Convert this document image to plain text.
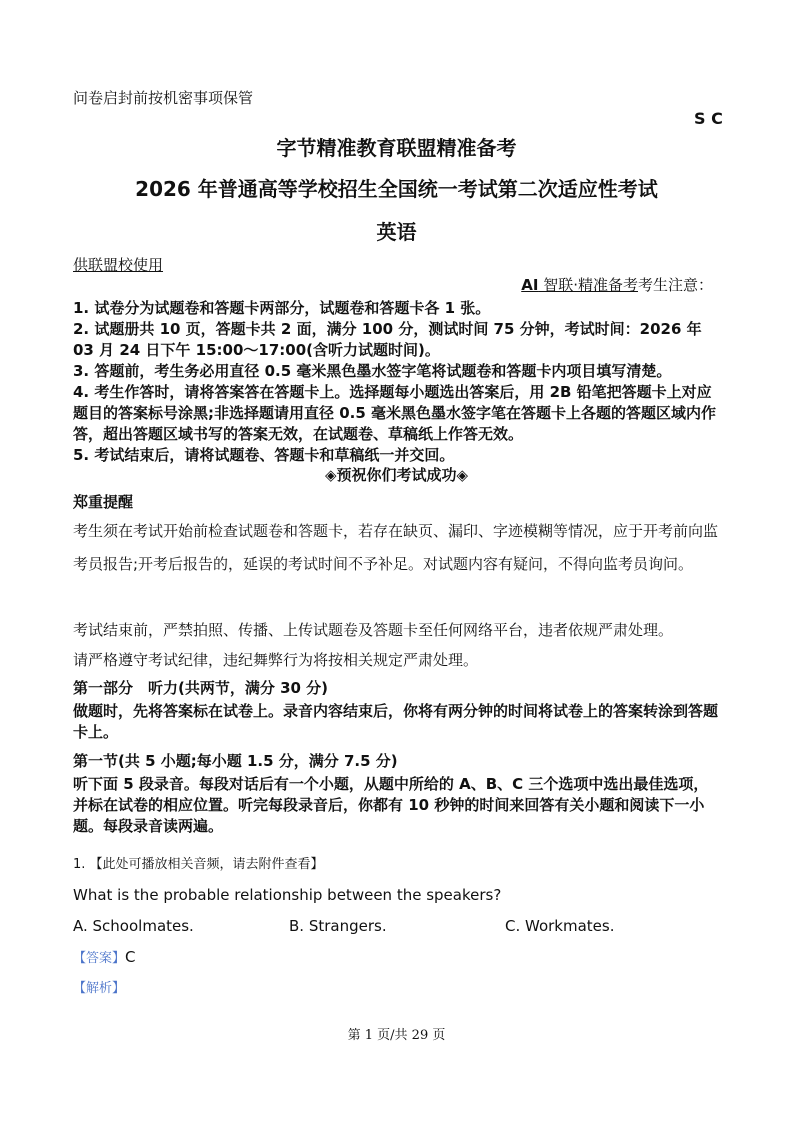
问卷启封前按机密事项保管
S C
字节精准教育联盟精准备考
2026 年普通高等学校招生全国统一考试第二次适应性考试
英语
供联盟校使用
AI 智联·精准备考考生注意：
1. 试卷分为试题卷和答题卡两部分，试题卷和答题卡各 1 张。
2. 试题册共 10 页，答题卡共 2 面，满分 100 分，测试时间 75 分钟，考试时间：2026 年 03 月 24 日下午 15:00～17:00(含听力试题时间)。
3. 答题前，考生务必用直径 0.5 毫米黑色墨水签字笔将试题卷和答题卡内项目填写清楚。
4. 考生作答时，请将答案答在答题卡上。选择题每小题选出答案后，用 2B 铅笔把答题卡上对应题目的答案标号涂黑;非选择题请用直径 0.5 毫米黑色墨水签字笔在答题卡上各题的答题区域内作答，超出答题区域书写的答案无效，在试题卷、草稿纸上作答无效。
5. 考试结束后，请将试题卷、答题卡和草稿纸一并交回。
◈预祝你们考试成功◈
郑重提醒
考生须在考试开始前检查试题卷和答题卡，若存在缺页、漏印、字迹模糊等情况，应于开考前向监考员报告;开考后报告的，延误的考试时间不予补足。对试题内容有疑问，不得向监考员询问。
考试结束前，严禁拍照、传播、上传试题卷及答题卡至任何网络平台，违者依规严肃处理。
请严格遵守考试纪律，违纪舞弊行为将按相关规定严肃处理。
第一部分　听力(共两节，满分 30 分)
做题时，先将答案标在试卷上。录音内容结束后，你将有两分钟的时间将试卷上的答案转涂到答题卡上。
第一节(共 5 小题;每小题 1.5 分，满分 7.5 分)
听下面 5 段录音。每段对话后有一个小题，从题中所给的 A、B、C 三个选项中选出最佳选项，并标在试卷的相应位置。听完每段录音后，你都有 10 秒钟的时间来回答有关小题和阅读下一小题。每段录音读两遍。
1. 【此处可播放相关音频，请去附件查看】
What is the probable relationship between the speakers?
A. Schoolmates.	B. Strangers.	C. Workmates.
【答案】C
【解析】
第 1 页/共 29 页
